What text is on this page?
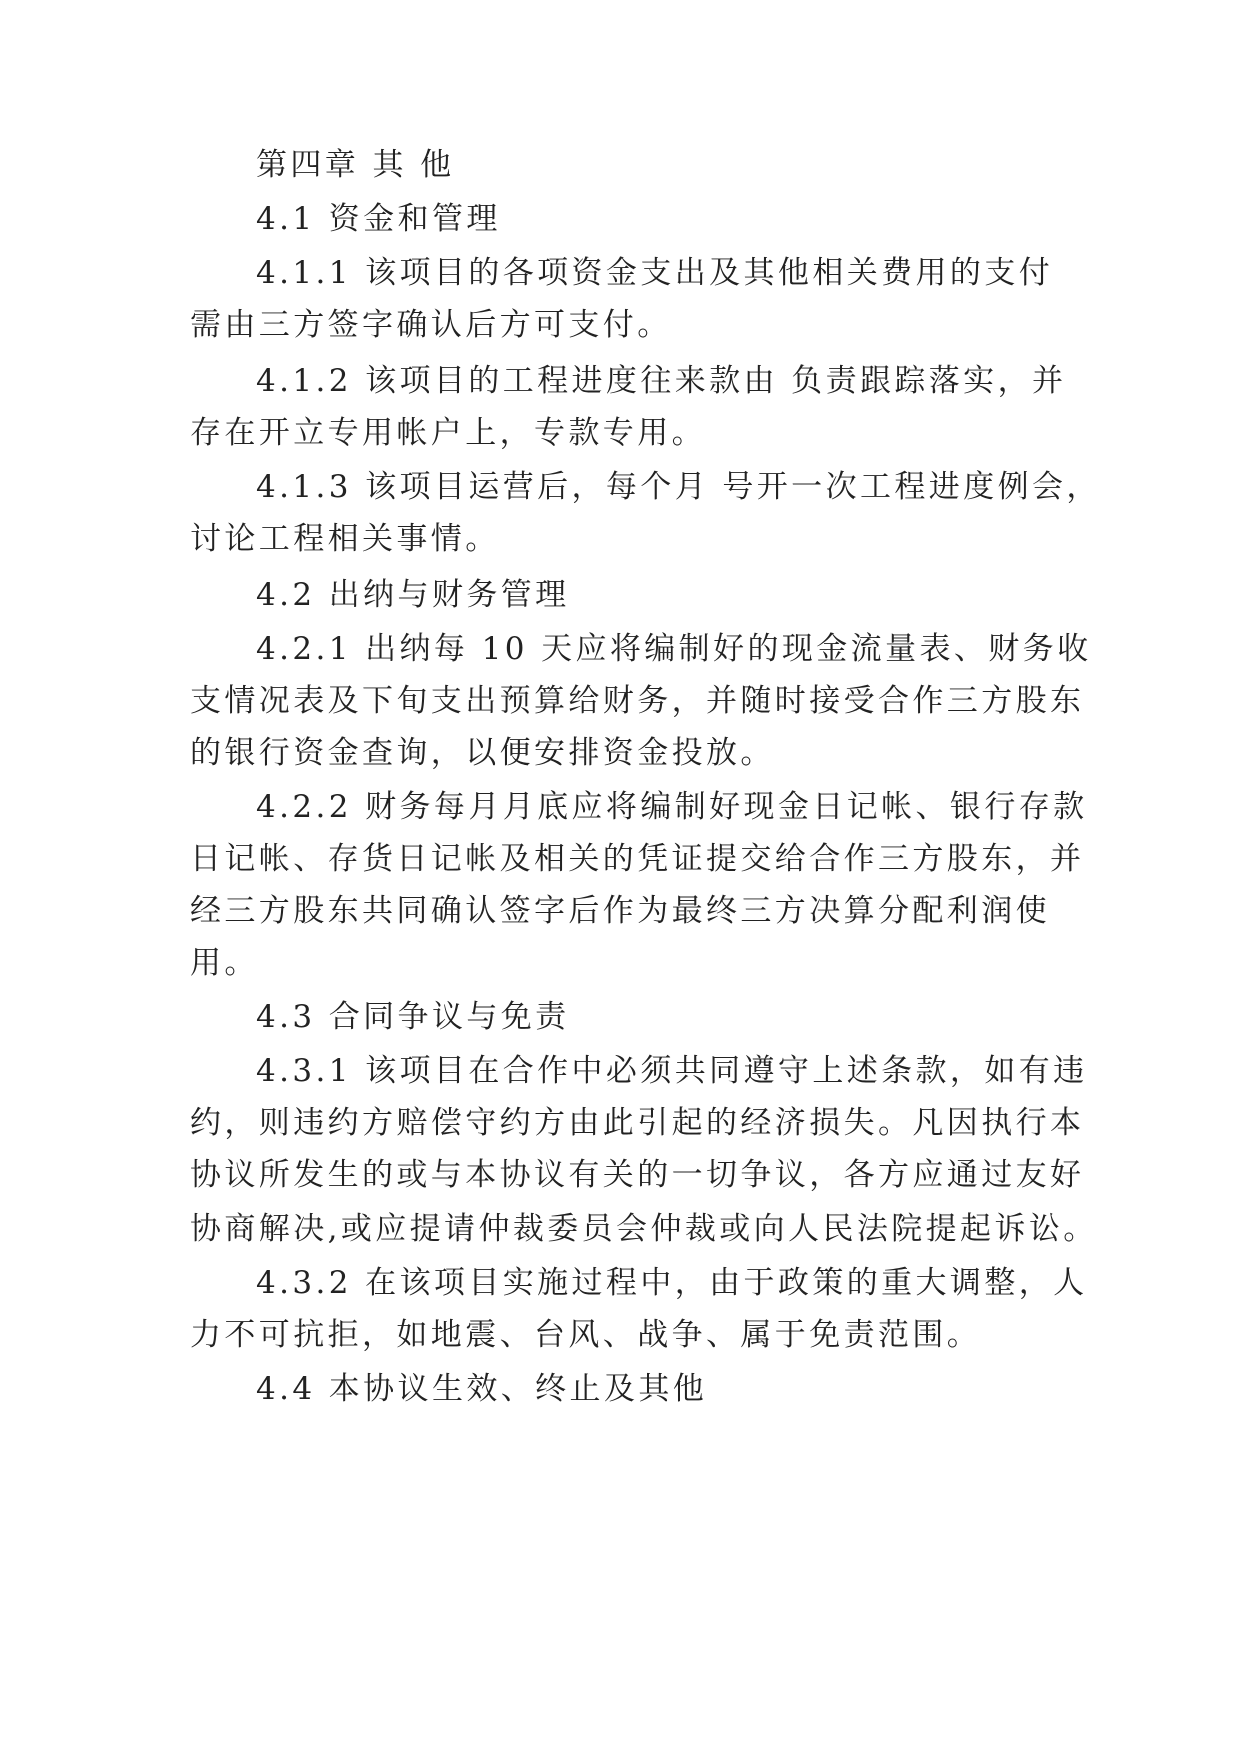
第四章 其 他

4.1 资金和管理

4.1.1 该项目的各项资金支出及其他相关费用的支付

需由三方签字确认后方可支付。

4.1.2 该项目的工程进度往来款由 负责跟踪落实，并

存在开立专用帐户上，专款专用。

4.1.3 该项目运营后，每个月 号开一次工程进度例会，

讨论工程相关事情。

4.2 出纳与财务管理

4.2.1 出纳每 10 天应将编制好的现金流量表、财务收

支情况表及下旬支出预算给财务，并随时接受合作三方股东

的银行资金查询，以便安排资金投放。

4.2.2 财务每月月底应将编制好现金日记帐、银行存款

日记帐、存货日记帐及相关的凭证提交给合作三方股东，并

经三方股东共同确认签字后作为最终三方决算分配利润使

用。

4.3 合同争议与免责

4.3.1 该项目在合作中必须共同遵守上述条款，如有违

约，则违约方赔偿守约方由此引起的经济损失。凡因执行本

协议所发生的或与本协议有关的一切争议，各方应通过友好

协商解决,或应提请仲裁委员会仲裁或向人民法院提起诉讼。

4.3.2 在该项目实施过程中，由于政策的重大调整，人

力不可抗拒，如地震、台风、战争、属于免责范围。

4.4 本协议生效、终止及其他
